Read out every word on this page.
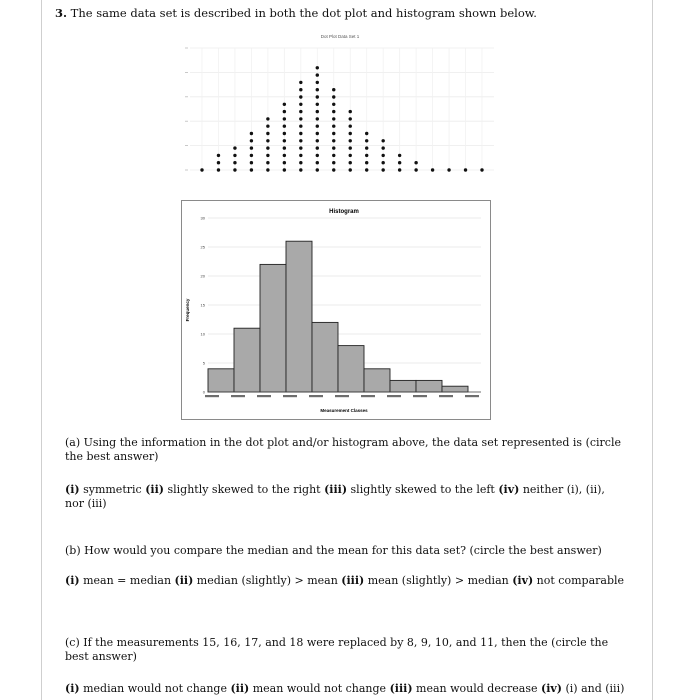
3. The same data set is described in both the dot plot and histogram shown below.
Dot Plot Data Set 1
Histogram
0
5
10
15
20
25
30
Frequency
Measurement Classes

(a) Using the information in the dot plot and/or histogram above, the data set represented is (circle the best answer)

(i) symmetric (ii) slightly skewed to the right (iii) slightly skewed to the left (iv) neither (i), (ii), nor (iii)

(b) How would you compare the median and the mean for this data set? (circle the best answer)

(i) mean = median (ii) median (slightly) > mean (iii) mean (slightly) > median (iv) not comparable

(c) If the measurements 15, 16, 17, and 18 were replaced by 8, 9, 10, and 11, then the (circle the best answer)

(i) median would not change (ii) mean would not change (iii) mean would decrease (iv) (i) and (iii)
